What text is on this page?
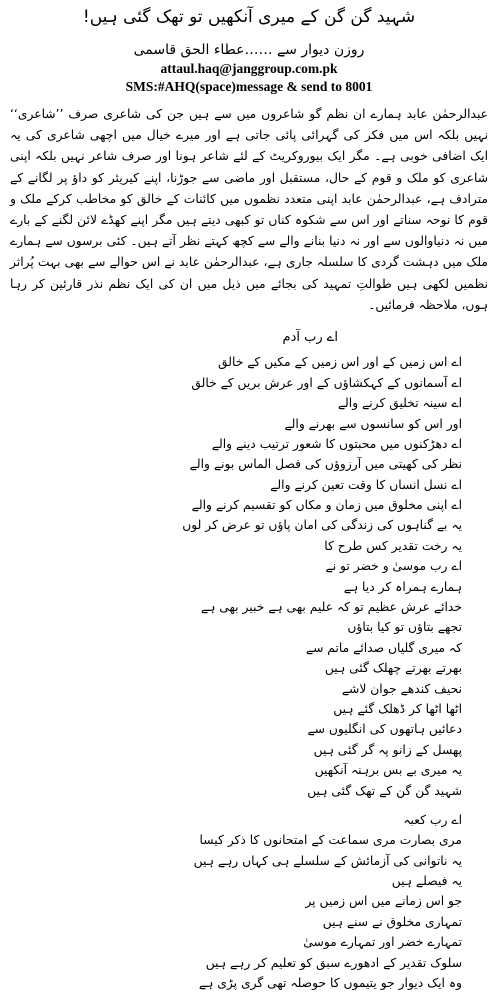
شہید گن گن کے میری آنکھیں تو تھک گئی ہیں!
روزن دیوار سے ……عطاء الحق قاسمی
attaul.haq@janggroup.com.pk
SMS:#AHQ(space)message & send to 8001

عبدالرحمٰن عابد ہمارے ان نظم گو شاعروں میں سے ہیں جن کی شاعری صرف ’’شاعری‘‘ نہیں بلکہ اس میں فکر کی گہرائی پائی جاتی ہے اور میرے خیال میں اچھی شاعری کی یہ ایک اضافی خوبی ہے۔ مگر ایک بیوروکریٹ کے لئے شاعر ہونا اور صرف شاعر نہیں بلکہ اپنی شاعری کو ملک و قوم کے حال، مستقبل اور ماضی سے جوڑنا، اپنے کیریئر کو داؤ پر لگانے کے مترادف ہے، عبدالرحمٰن عابد اپنی متعدد نظموں میں کائنات کے خالق کو مخاطب کرکے ملک و قوم کا نوحہ سناتے اور اس سے شکوہ کناں تو کبھی دیتے ہیں مگر اپنے کھڈے لائن لگنے کے بارے میں نہ دنیاوالوں سے اور نہ دنیا بنانے والے سے کچھ کہتے نظر آتے ہیں۔ کئی برسوں سے ہمارے ملک میں دہشت گردی کا سلسلہ جاری ہے، عبدالرحمٰن عابد نے اس حوالے سے بھی بہت پُراثر نظمیں لکھی ہیں طوالتِ تمہید کی بجائے میں ذیل میں ان کی ایک نظم نذر قارئین کر رہا ہوں، ملاحظہ فرمائیں۔

اے رب آدم
اے اس زمیں کے اور اس زمیں کے مکیں کے خالق
اے آسمانوں کے کہکشاؤں کے اور عرش بریں کے خالق
اے سینہ تخلیق کرنے والے
اور اس کو سانسوں سے بھرنے والے
اے دھڑکنوں میں محبتوں کا شعور ترتیب دینے والے
نظر کی کھیتی میں آرزوؤں کی فصل الماس بونے والے
اے نسل انساں کا وقت تعین کرنے والے
اے اپنی مخلوق میں زمان و مکاں کو تقسیم کرنے والے
یہ بے گناہوں کی زندگی کی امان پاؤں تو عرض کر لوں
یہ رخت تقدیر کس طرح کا
اے رب موسیٰ و خضر تو نے
ہمارے ہمراہ کر دیا ہے
خدائے عرش عظیم تو کہ علیم بھی ہے خبیر بھی ہے
تجھے بتاؤں تو کیا بتاؤں
کہ میری گلیاں صدائے ماتم سے
بھرتے بھرتے چھلک گئی ہیں
نحیف کندھے جوان لاشے
اٹھا اٹھا کر ڈھلک گئے ہیں
دعائیں ہاتھوں کی انگلیوں سے
پھسل کے زانو پہ گر گئی ہیں
یہ میری بے بس برہنہ آنکھیں
شہید گن گن کے تھک گئی ہیں
اے رب کعبہ
مری بصارت مری سماعت کے امتحانوں کا ذکر کیسا
یہ ناتوانی کی آزمائش کے سلسلے ہی کہاں رہے ہیں
یہ فیصلے ہیں
جو اس زمانے میں اس زمیں پر
تمہاری مخلوق نے سنے ہیں
تمہارے خضر اور تمہارے موسیٰ
سلوک تقدیر کے ادھورے سبق کو تعلیم کر رہے ہیں
وہ ایک دیوار جو یتیموں کا حوصلہ تھی گری پڑی ہے
